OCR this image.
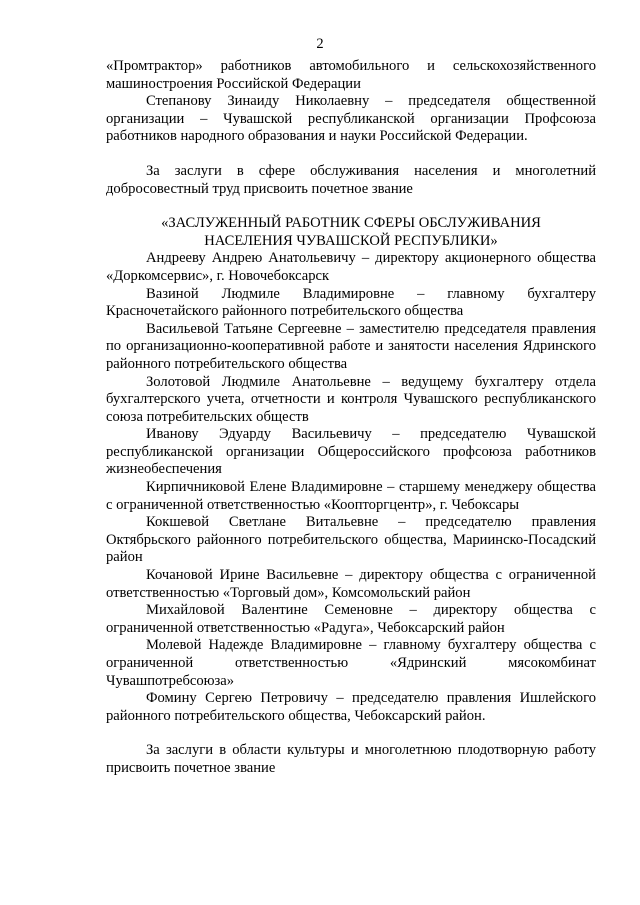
2

«Промтрактор» работников автомобильного и сельскохозяйственного машиностроения Российской Федерации

Степанову Зинаиду Николаевну – председателя общественной организации – Чувашской республиканской организации Профсоюза работников народного образования и науки Российской Федерации.

За заслуги в сфере обслуживания населения и многолетний добросовестный труд присвоить почетное звание

«ЗАСЛУЖЕННЫЙ РАБОТНИК СФЕРЫ ОБСЛУЖИВАНИЯ

НАСЕЛЕНИЯ ЧУВАШСКОЙ РЕСПУБЛИКИ»

Андрееву Андрею Анатольевичу – директору акционерного общества «Доркомсервис», г. Новочебоксарск

Вазиной Людмиле Владимировне – главному бухгалтеру Красночетайского районного потребительского общества

Васильевой Татьяне Сергеевне – заместителю председателя правления по организационно-кооперативной работе и занятости населения Ядринского районного потребительского общества

Золотовой Людмиле Анатольевне – ведущему бухгалтеру отдела бухгалтерского учета, отчетности и контроля Чувашского республиканского союза потребительских обществ

Иванову Эдуарду Васильевичу – председателю Чувашской республиканской организации Общероссийского профсоюза работников жизнеобеспечения

Кирпичниковой Елене Владимировне – старшему менеджеру общества с ограниченной ответственностью «Коопторгцентр», г. Чебоксары

Кокшевой Светлане Витальевне – председателю правления Октябрьского районного потребительского общества, Мариинско-Посадский район

Кочановой Ирине Васильевне – директору общества с ограниченной ответственностью «Торговый дом», Комсомольский район

Михайловой Валентине Семеновне – директору общества с ограниченной ответственностью «Радуга», Чебоксарский район

Молевой Надежде Владимировне – главному бухгалтеру общества с ограниченной ответственностью «Ядринский мясокомбинат Чувашпотребсоюза»

Фомину Сергею Петровичу – председателю правления Ишлейского районного потребительского общества, Чебоксарский район.

За заслуги в области культуры и многолетнюю плодотворную работу присвоить почетное звание
